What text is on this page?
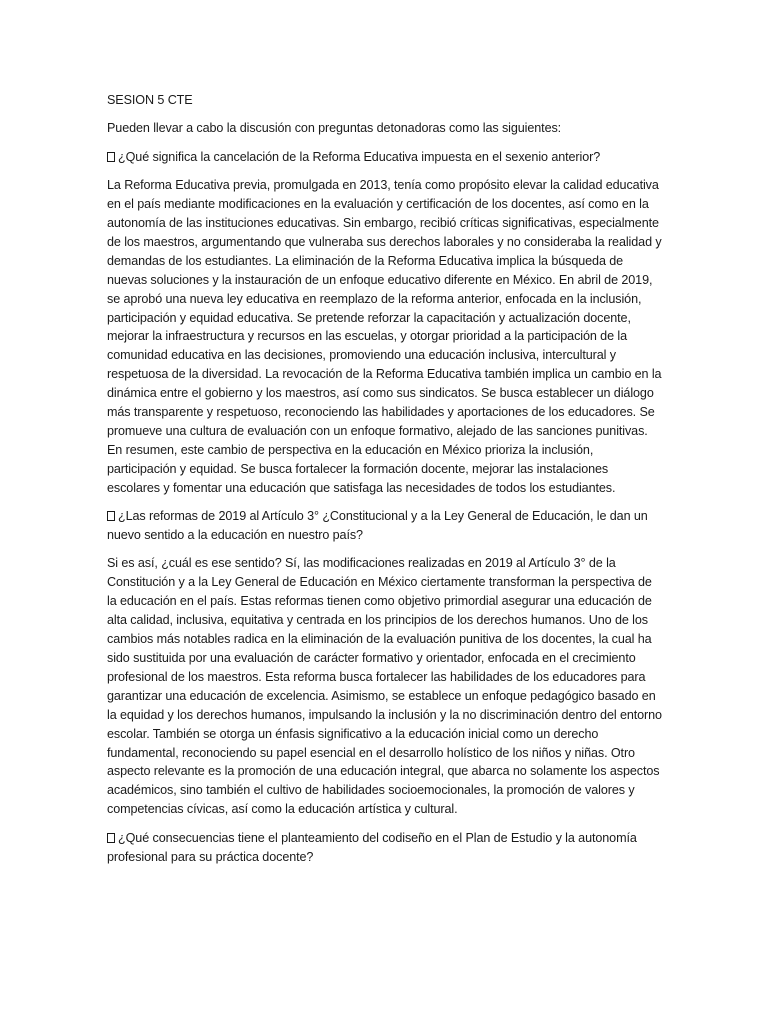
SESION 5 CTE

Pueden llevar a cabo la discusión con preguntas detonadoras como las siguientes:

¿Qué significa la cancelación de la Reforma Educativa impuesta en el sexenio anterior?

La Reforma Educativa previa, promulgada en 2013, tenía como propósito elevar la calidad educativa en el país mediante modificaciones en la evaluación y certificación de los docentes, así como en la autonomía de las instituciones educativas. Sin embargo, recibió críticas significativas, especialmente de los maestros, argumentando que vulneraba sus derechos laborales y no consideraba la realidad y demandas de los estudiantes. La eliminación de la Reforma Educativa implica la búsqueda de nuevas soluciones y la instauración de un enfoque educativo diferente en México. En abril de 2019, se aprobó una nueva ley educativa en reemplazo de la reforma anterior, enfocada en la inclusión, participación y equidad educativa. Se pretende reforzar la capacitación y actualización docente, mejorar la infraestructura y recursos en las escuelas, y otorgar prioridad a la participación de la comunidad educativa en las decisiones, promoviendo una educación inclusiva, intercultural y respetuosa de la diversidad. La revocación de la Reforma Educativa también implica un cambio en la dinámica entre el gobierno y los maestros, así como sus sindicatos. Se busca establecer un diálogo más transparente y respetuoso, reconociendo las habilidades y aportaciones de los educadores. Se promueve una cultura de evaluación con un enfoque formativo, alejado de las sanciones punitivas. En resumen, este cambio de perspectiva en la educación en México prioriza la inclusión, participación y equidad. Se busca fortalecer la formación docente, mejorar las instalaciones escolares y fomentar una educación que satisfaga las necesidades de todos los estudiantes.

¿Las reformas de 2019 al Artículo 3° ¿Constitucional y a la Ley General de Educación, le dan un nuevo sentido a la educación en nuestro país?

Si es así, ¿cuál es ese sentido? Sí, las modificaciones realizadas en 2019 al Artículo 3° de la Constitución y a la Ley General de Educación en México ciertamente transforman la perspectiva de la educación en el país. Estas reformas tienen como objetivo primordial asegurar una educación de alta calidad, inclusiva, equitativa y centrada en los principios de los derechos humanos. Uno de los cambios más notables radica en la eliminación de la evaluación punitiva de los docentes, la cual ha sido sustituida por una evaluación de carácter formativo y orientador, enfocada en el crecimiento profesional de los maestros. Esta reforma busca fortalecer las habilidades de los educadores para garantizar una educación de excelencia. Asimismo, se establece un enfoque pedagógico basado en la equidad y los derechos humanos, impulsando la inclusión y la no discriminación dentro del entorno escolar. También se otorga un énfasis significativo a la educación inicial como un derecho fundamental, reconociendo su papel esencial en el desarrollo holístico de los niños y niñas. Otro aspecto relevante es la promoción de una educación integral, que abarca no solamente los aspectos académicos, sino también el cultivo de habilidades socioemocionales, la promoción de valores y competencias cívicas, así como la educación artística y cultural.

¿Qué consecuencias tiene el planteamiento del codiseño en el Plan de Estudio y la autonomía profesional para su práctica docente?
